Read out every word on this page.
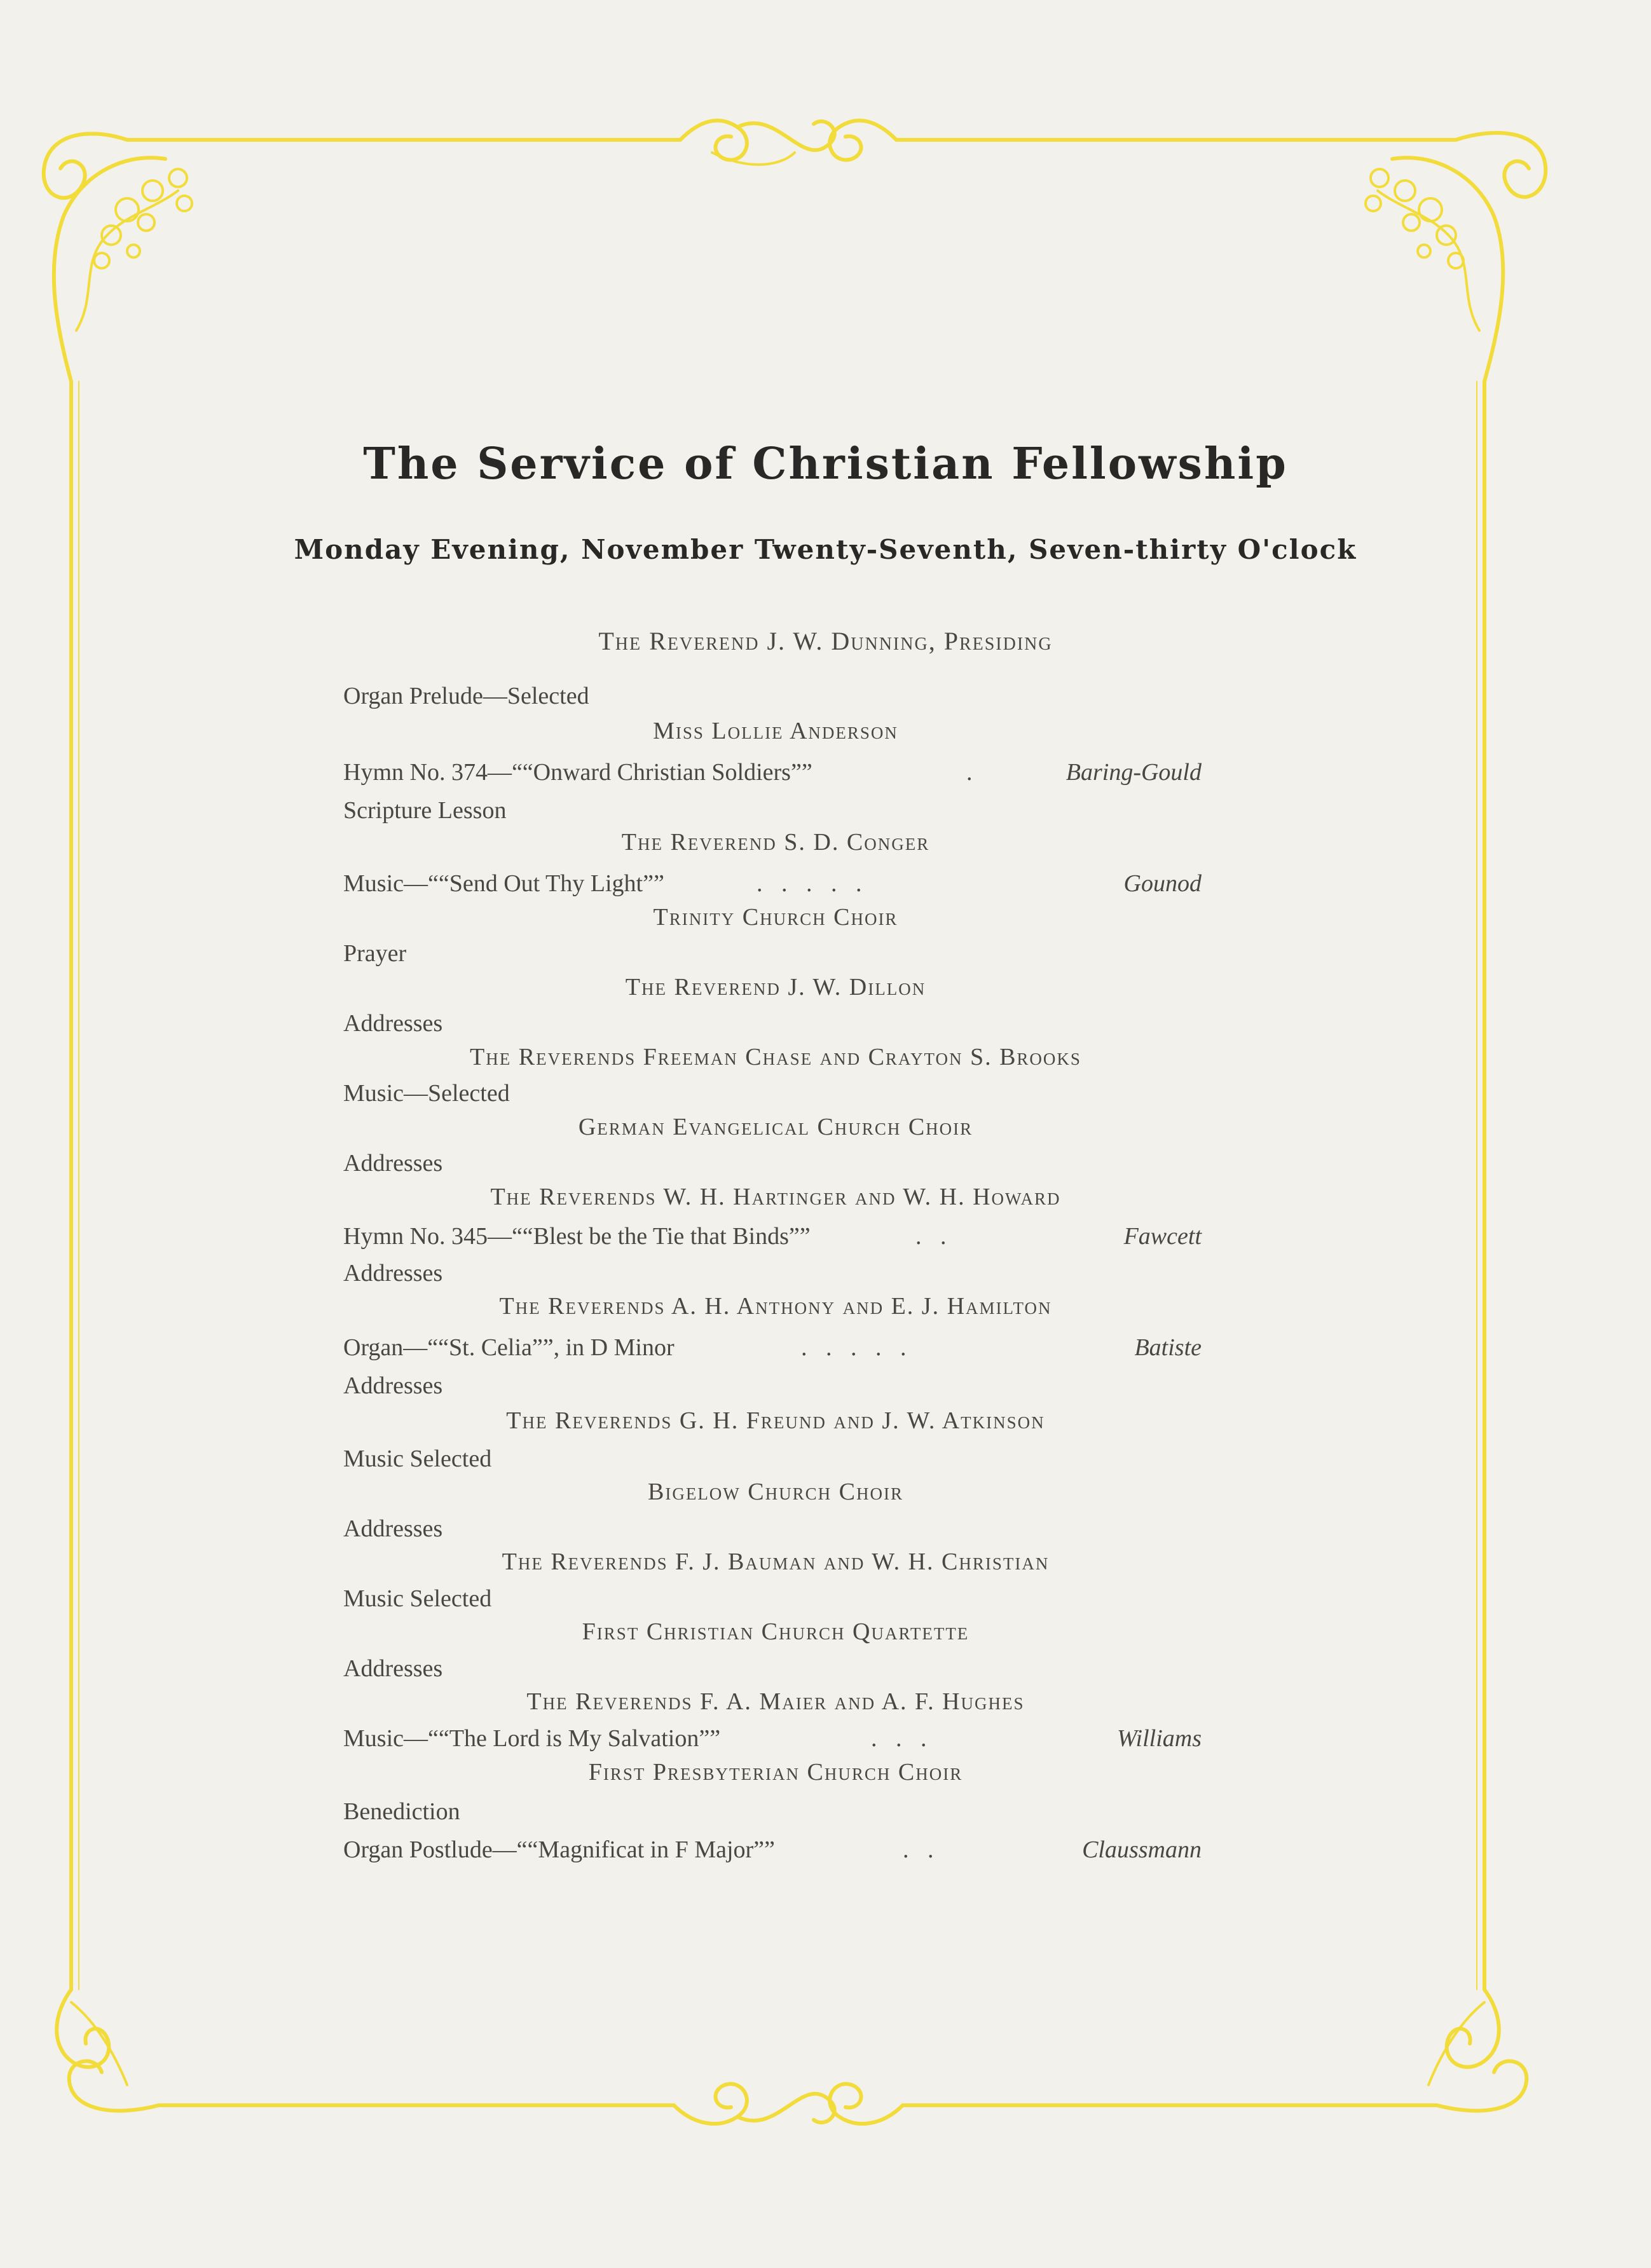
The Service of Christian Fellowship
Monday Evening, November Twenty-Seventh, Seven-thirty O'clock
The Reverend J. W. Dunning, Presiding
Organ Prelude—Selected
Miss Lollie Anderson
Hymn No. 374—““Onward Christian Soldiers””	.	Baring-Gould
Scripture Lesson
The Reverend S. D. Conger
Music—““Send Out Thy Light””	. . . . .	Gounod
Trinity Church Choir
Prayer
The Reverend J. W. Dillon
Addresses
The Reverends Freeman Chase and Crayton S. Brooks
Music—Selected
German Evangelical Church Choir
Addresses
The Reverends W. H. Hartinger and W. H. Howard
Hymn No. 345—““Blest be the Tie that Binds””	. .	Fawcett
Addresses
The Reverends A. H. Anthony and E. J. Hamilton
Organ—““St. Celia””, in D Minor	. . . . .	Batiste
Addresses
The Reverends G. H. Freund and J. W. Atkinson
Music Selected
Bigelow Church Choir
Addresses
The Reverends F. J. Bauman and W. H. Christian
Music Selected
First Christian Church Quartette
Addresses
The Reverends F. A. Maier and A. F. Hughes
Music—““The Lord is My Salvation””	. . .	Williams
First Presbyterian Church Choir
Benediction
Organ Postlude—““Magnificat in F Major””	. .	Claussmann
